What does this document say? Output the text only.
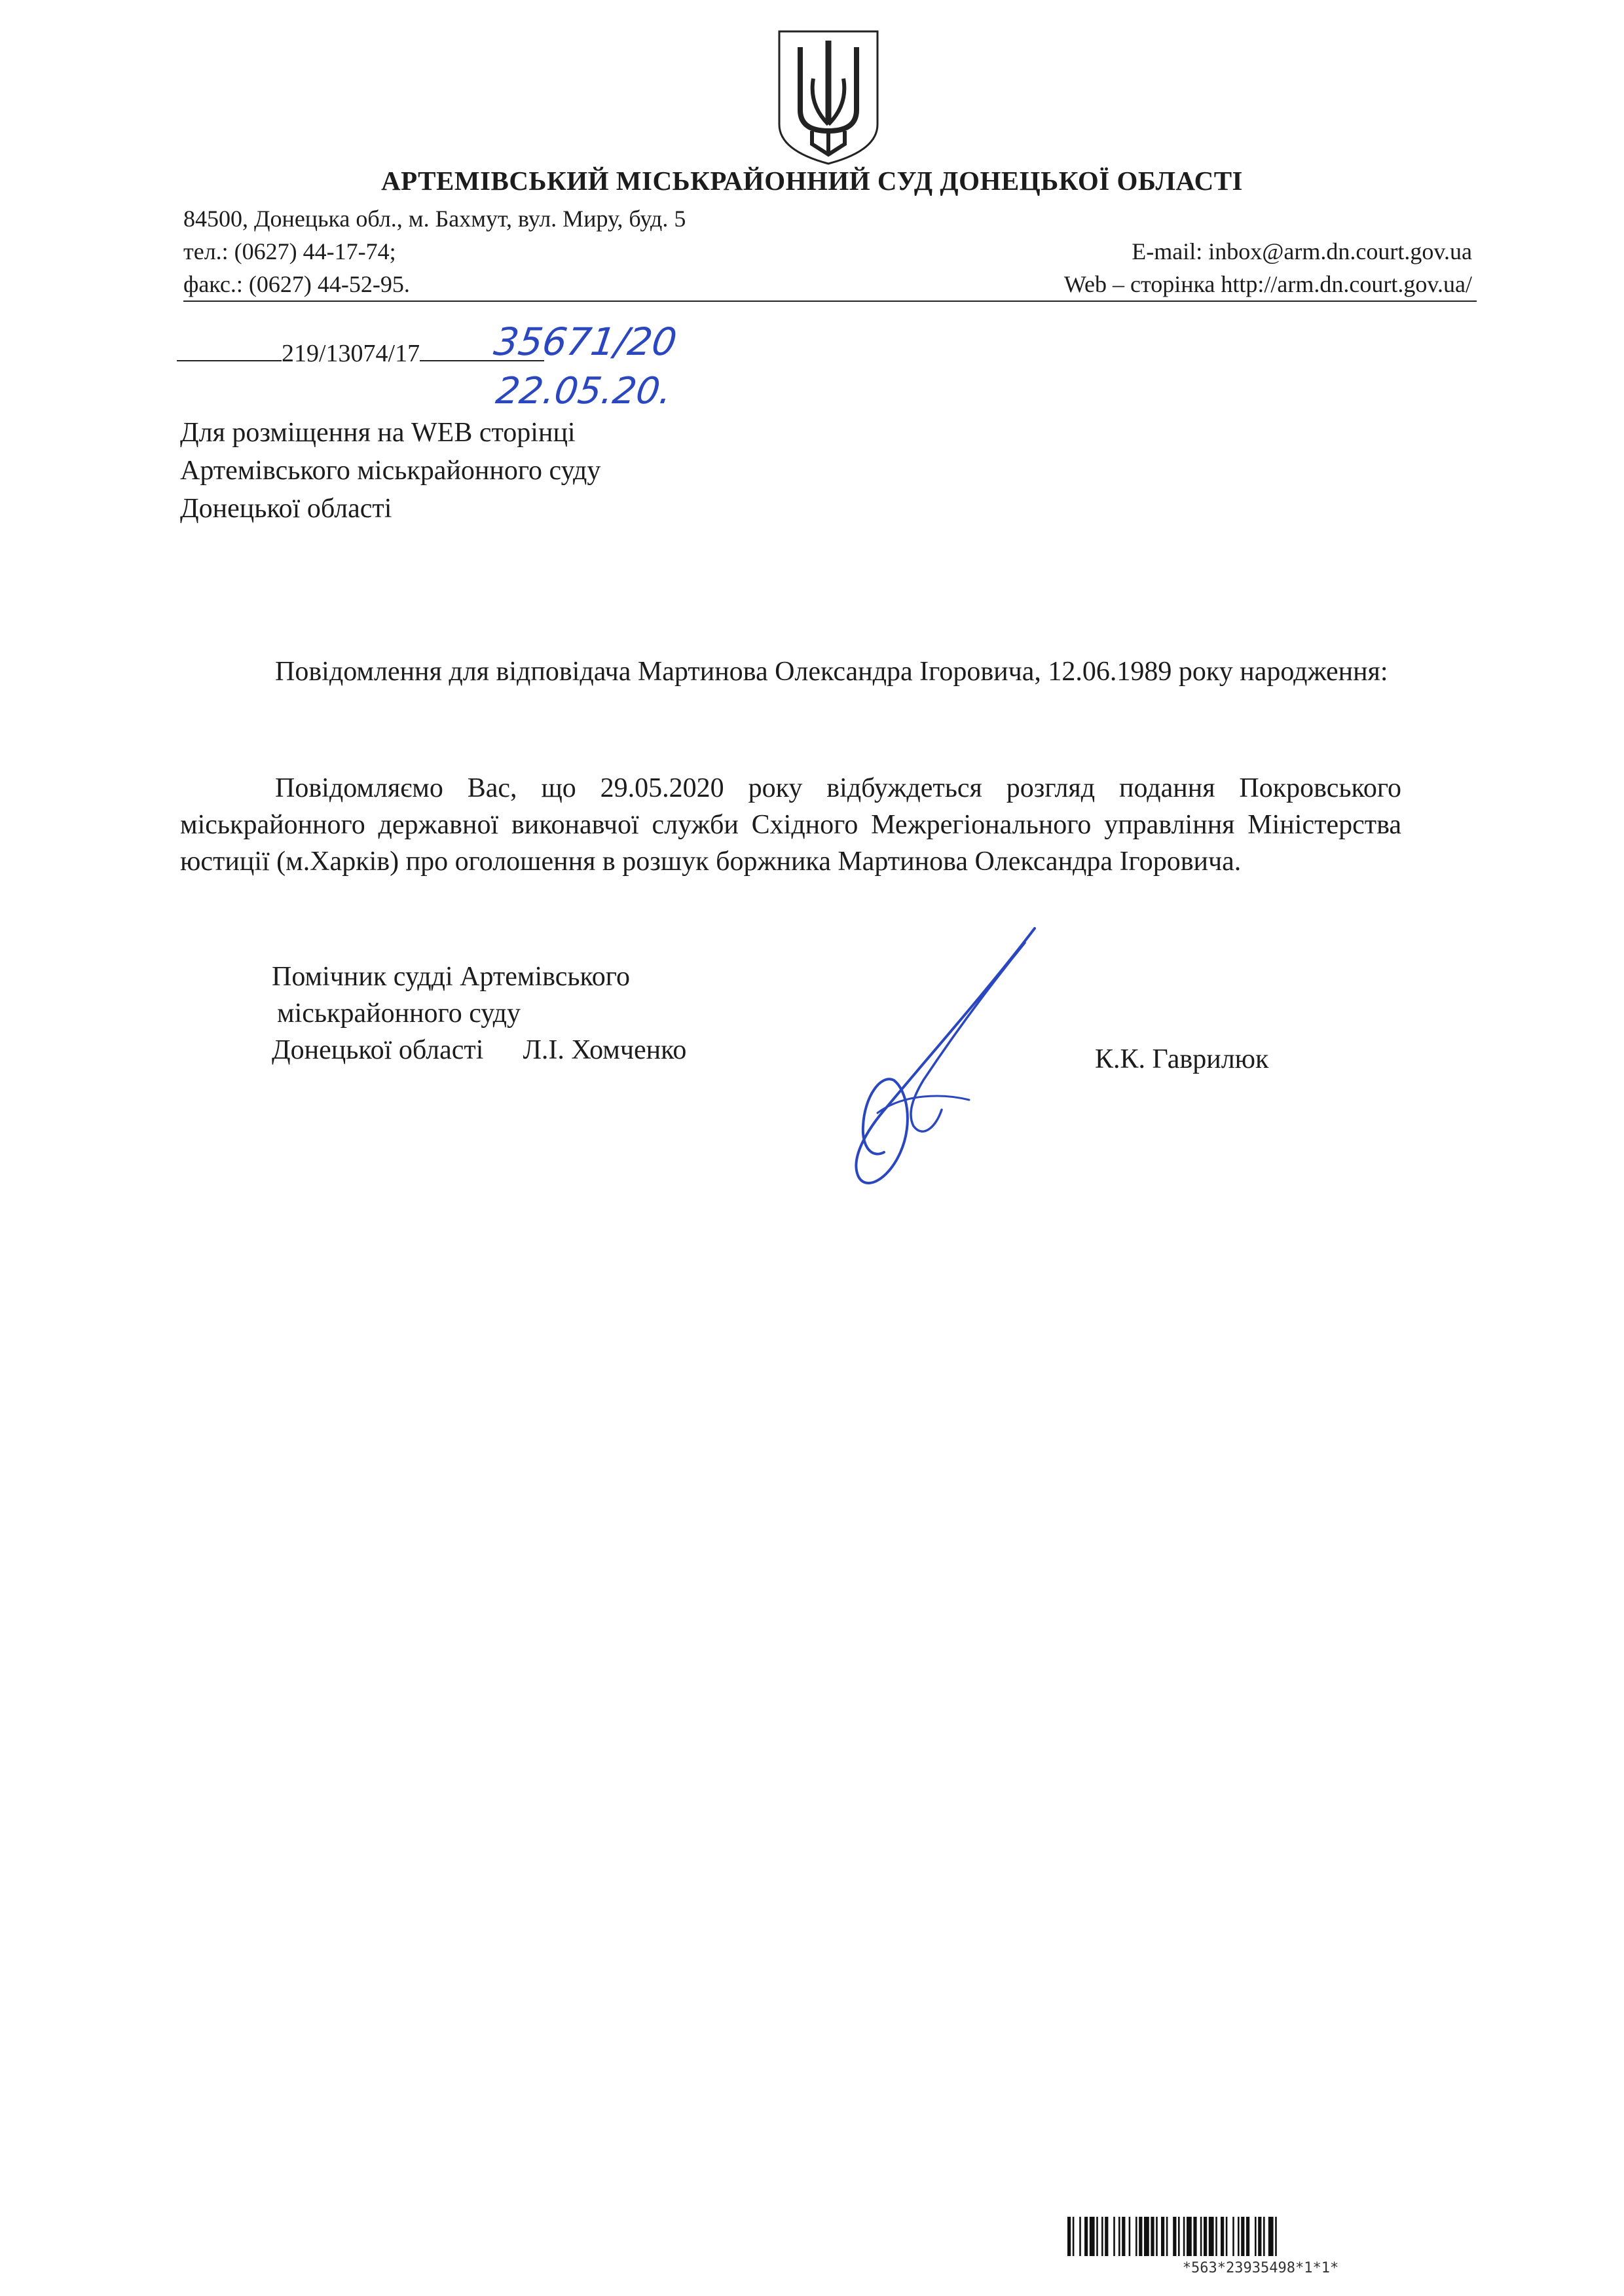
АРТЕМІВСЬКИЙ МІСЬКРАЙОННИЙ СУД ДОНЕЦЬКОЇ ОБЛАСТІ
84500, Донецька обл., м. Бахмут, вул. Миру, буд. 5
тел.: (0627) 44-17-74;
факс.: (0627) 44-52-95.
E-mail: inbox@arm.dn.court.gov.ua
Web – сторінка http://arm.dn.court.gov.ua/
219/13074/17	35671/20
22.05.20.
Для розміщення на WEB сторінці
Артемівського міськрайонного суду
Донецької області
Повідомлення для відповідача Мартинова Олександра Ігоровича, 12.06.1989 року народження:
Повідомляємо Вас, що 29.05.2020 року відбуждеться розгляд подання Покровського міськрайонного державної виконавчої служби Східного Межрегіонального управління Міністерства юстиції (м.Харків) про оголошення в розшук боржника Мартинова Олександра Ігоровича.
Помічник судді Артемівського
міськрайонного суду
Донецької області Л.І. Хомченко	К.К. Гаврилюк
*563*23935498*1*1*
